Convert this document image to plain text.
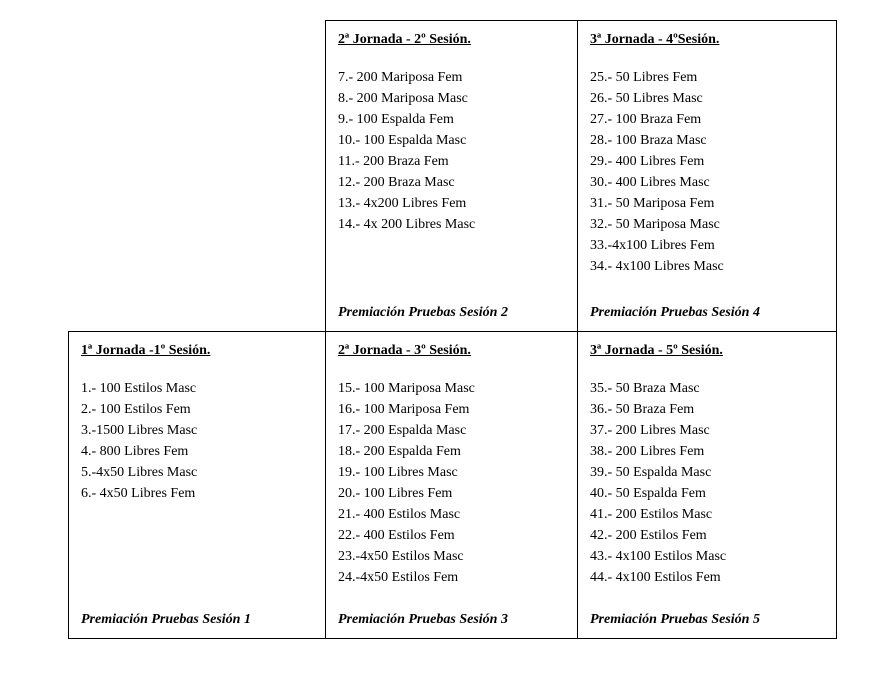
2ª Jornada - 2º Sesión.
7.- 200 Mariposa Fem
8.- 200 Mariposa Masc
9.- 100 Espalda Fem
10.- 100 Espalda Masc
11.- 200 Braza Fem
12.- 200 Braza Masc
13.- 4x200 Libres Fem
14.- 4x 200 Libres Masc
Premiación Pruebas Sesión 2
3ª Jornada - 4ºSesión.
25.- 50 Libres Fem
26.- 50 Libres Masc
27.- 100 Braza Fem
28.- 100 Braza Masc
29.- 400 Libres Fem
30.- 400 Libres Masc
31.- 50 Mariposa Fem
32.- 50 Mariposa Masc
33.-4x100 Libres Fem
34.- 4x100 Libres Masc
Premiación Pruebas Sesión 4
1ª Jornada -1º Sesión.
1.- 100 Estilos Masc
2.- 100 Estilos Fem
3.-1500 Libres Masc
4.- 800 Libres Fem
5.-4x50 Libres Masc
6.- 4x50 Libres Fem
Premiación Pruebas Sesión 1
2ª Jornada - 3º Sesión.
15.- 100 Mariposa Masc
16.- 100 Mariposa Fem
17.- 200 Espalda Masc
18.- 200 Espalda Fem
19.- 100 Libres Masc
20.- 100 Libres Fem
21.- 400 Estilos Masc
22.- 400 Estilos Fem
23.-4x50 Estilos Masc
24.-4x50 Estilos Fem
Premiación Pruebas Sesión 3
3ª Jornada - 5º Sesión.
35.- 50 Braza Masc
36.- 50 Braza Fem
37.- 200 Libres Masc
38.- 200 Libres Fem
39.- 50 Espalda Masc
40.- 50 Espalda Fem
41.- 200 Estilos Masc
42.- 200 Estilos Fem
43.- 4x100 Estilos Masc
44.- 4x100 Estilos Fem
Premiación Pruebas Sesión 5
